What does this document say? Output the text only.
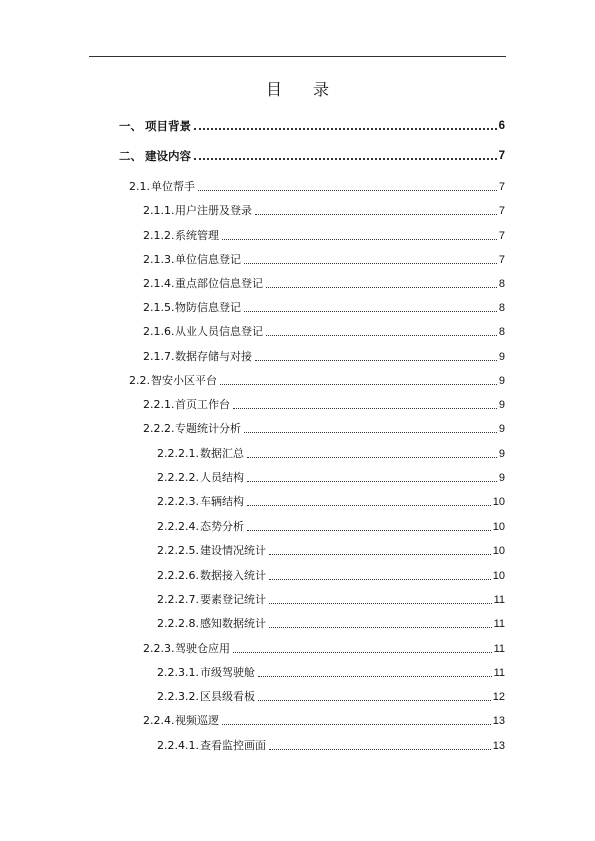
目 录
一、 项目背景	6
二、 建设内容	7
2.1. 单位帮手	7
2.1.1. 用户注册及登录	7
2.1.2. 系统管理	7
2.1.3. 单位信息登记	7
2.1.4. 重点部位信息登记	8
2.1.5. 物防信息登记	8
2.1.6. 从业人员信息登记	8
2.1.7. 数据存储与对接	9
2.2. 智安小区平台	9
2.2.1. 首页工作台	9
2.2.2. 专题统计分析	9
2.2.2.1. 数据汇总	9
2.2.2.2. 人员结构	9
2.2.2.3. 车辆结构	10
2.2.2.4. 态势分析	10
2.2.2.5. 建设情况统计	10
2.2.2.6. 数据接入统计	10
2.2.2.7. 要素登记统计	11
2.2.2.8. 感知数据统计	11
2.2.3. 驾驶仓应用	11
2.2.3.1. 市级驾驶舱	11
2.2.3.2. 区县级看板	12
2.2.4. 视频巡逻	13
2.2.4.1. 查看监控画面	13
